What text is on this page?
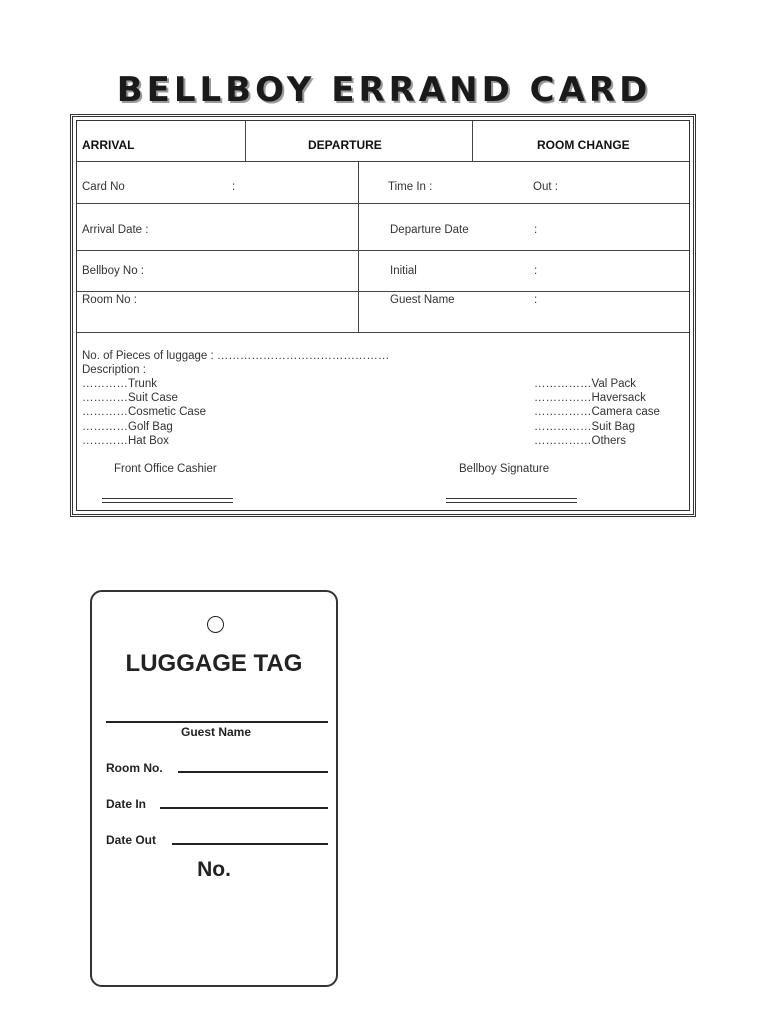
BELLBOY ERRAND CARD
ARRIVAL	DEPARTURE	ROOM CHANGE
Card No	:	Time In :	Out :
Arrival Date :	Departure Date	:
Bellboy No :	Initial	:
Room No :	Guest Name	:
No. of Pieces of luggage : ………………………………………
Description :
…………Trunk
…………Suit Case
…………Cosmetic Case
…………Golf Bag
…………Hat Box
……………Val Pack
……………Haversack
……………Camera case
……………Suit Bag
……………Others
Front Office Cashier	Bellboy Signature
LUGGAGE TAG
Guest Name
Room No.
Date In
Date Out
No.
